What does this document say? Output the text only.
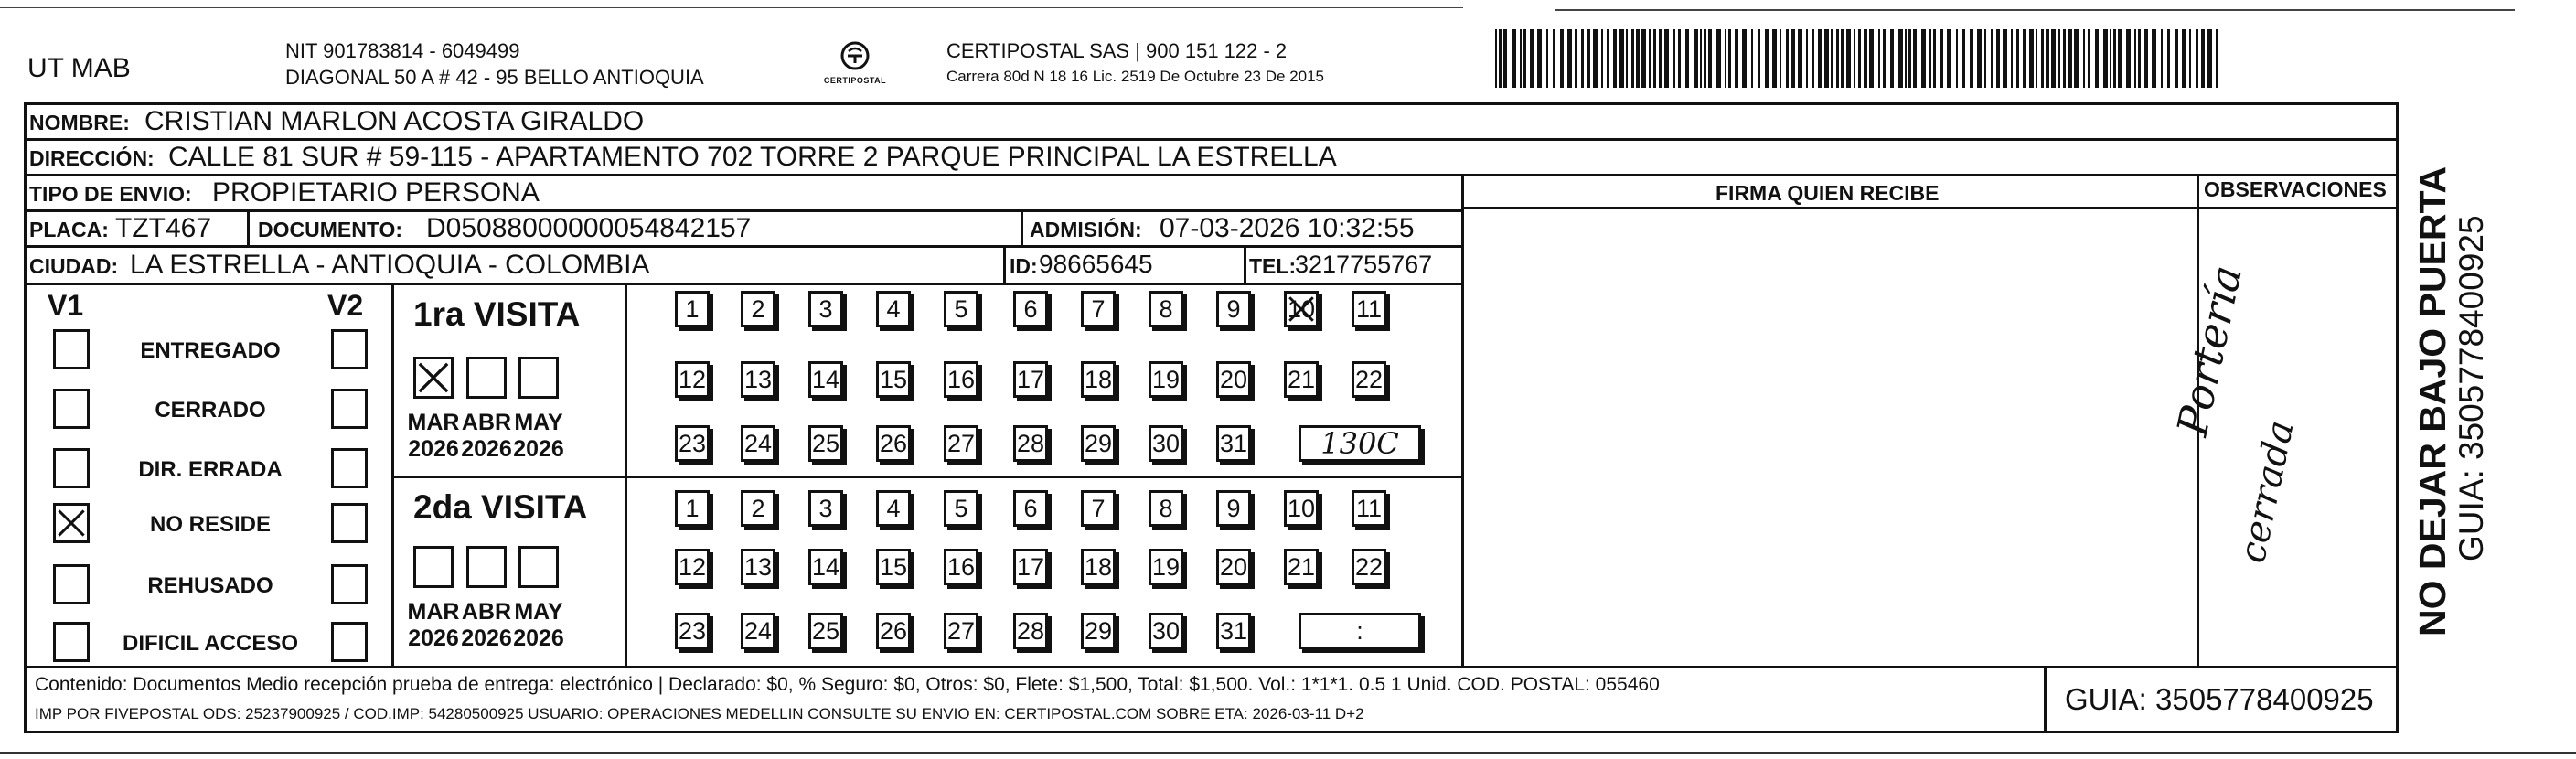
UT MAB
NIT 901783814 - 6049499
DIAGONAL 50 A # 42 - 95 BELLO ANTIOQUIA	CERTIPOSTAL
CERTIPOSTAL SAS | 900 151 122 - 2
Carrera 80d N 18 16 Lic. 2519 De Octubre 23 De 2015
NOMBRE: CRISTIAN MARLON ACOSTA GIRALDO
DIRECCIÓN: CALLE 81 SUR # 59-115 - APARTAMENTO 702 TORRE 2 PARQUE PRINCIPAL LA ESTRELLA
TIPO DE ENVIO: PROPIETARIO PERSONA
PLACA: TZT467 DOCUMENTO: D05088000000054842157	ADMISIÓN: 07-03-2026 10:32:55
CIUDAD: LA ESTRELLA - ANTIOQUIA - COLOMBIA	ID: 98665645	TEL:
3217755767
FIRMA QUIEN RECIBE	OBSERVACIONES
Portería
cerrada
V1	V2
ENTREGADO
CERRADO
DIR. ERRADA
NO RESIDE
REHUSADO
DIFICIL ACCESO
1ra VISITA
2da VISITA
MAR
2026
ABR
2026
MAY
2026
MAR
2026
ABR
2026
MAY
2026
1	2	3	4	5	6	7	8	9	10 11
12 13 14 15 16 17 18 19 20 21 22
23 24 25 26 27 28 29 30 31	130C
1	2	3	4	5	6	7	8	9	10 11
12 13 14 15 16 17 18 19 20 21 22
23 24 25 26 27 28 29 30 31	:
Contenido: Documentos Medio recepción prueba de entrega: electrónico | Declarado: $0, % Seguro: $0, Otros: $0, Flete: $1,500, Total: $1,500. Vol.: 1*1*1. 0.5 1 Unid. COD. POSTAL: 055460
IMP POR FIVEPOSTAL ODS: 25237900925 / COD.IMP: 54280500925 USUARIO: OPERACIONES MEDELLIN CONSULTE SU ENVIO EN: CERTIPOSTAL.COM SOBRE ETA: 2026-03-11 D+2	GUIA: 3505778400925
NO DEJAR BAJO PUERTA GUIA: 3505778400925
